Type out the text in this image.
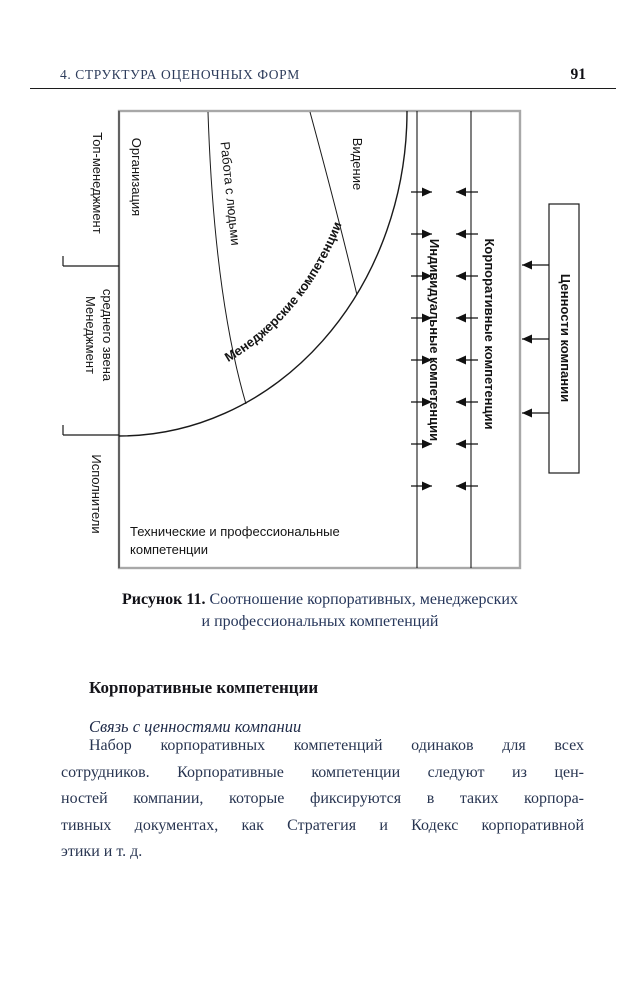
4. СТРУКТУРА ОЦЕНОЧНЫХ ФОРМ	91
Топ-менеджмент
Менеджмент среднего звена
Исполнители
Организация	Работа с людьми	Видение
Менеджерские компетенции
Технические и профессиональные
компетенции
Индивидуальные компетенции	Корпоративные компетенции	Ценности компании
Рисунок 11. Соотношение корпоративных, менеджерских
и профессиональных компетенций
Корпоративные компетенции
Связь с ценностями компании
Набор корпоративных компетенций одинаков для всех
сотрудников. Корпоративные компетенции следуют из цен-
ностей компании, которые фиксируются в таких корпора-
тивных документах, как Стратегия и Кодекс корпоративной
этики и т. д.
